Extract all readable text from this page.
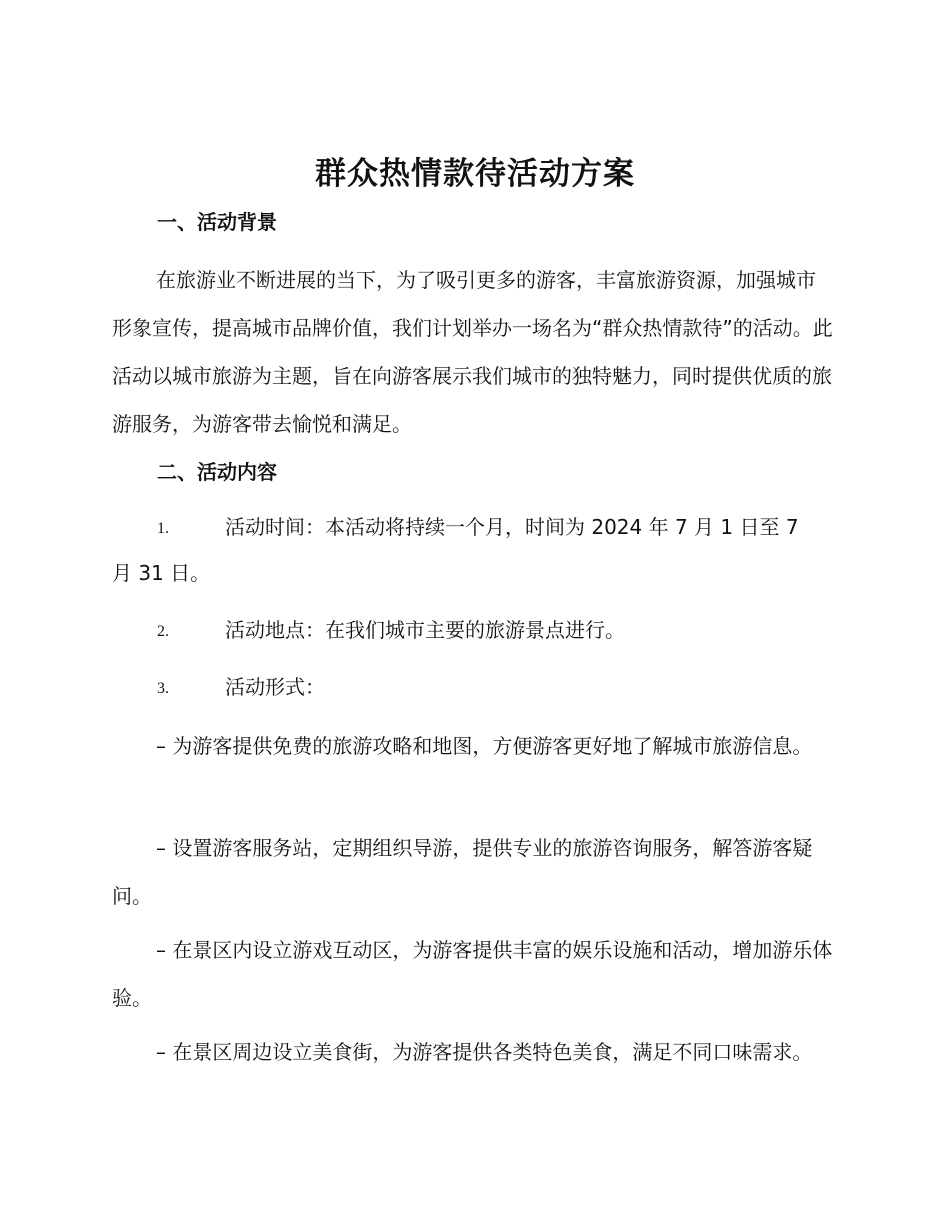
群众热情款待活动方案
一、活动背景
在旅游业不断进展的当下，为了吸引更多的游客，丰富旅游资源，加强城市形象宣传，提高城市品牌价值，我们计划举办一场名为“群众热情款待”的活动。此活动以城市旅游为主题，旨在向游客展示我们城市的独特魅力，同时提供优质的旅游服务，为游客带去愉悦和满足。
二、活动内容
1.	活动时间：本活动将持续一个月，时间为 2024 年 7 月 1 日至 7
月 31 日。
2.	活动地点：在我们城市主要的旅游景点进行。
3.	活动形式：
– 为游客提供免费的旅游攻略和地图，方便游客更好地了解城市旅游信息。
– 设置游客服务站，定期组织导游，提供专业的旅游咨询服务，解答游客疑问。
– 在景区内设立游戏互动区，为游客提供丰富的娱乐设施和活动，增加游乐体验。
– 在景区周边设立美食街，为游客提供各类特色美食，满足不同口味需求。
